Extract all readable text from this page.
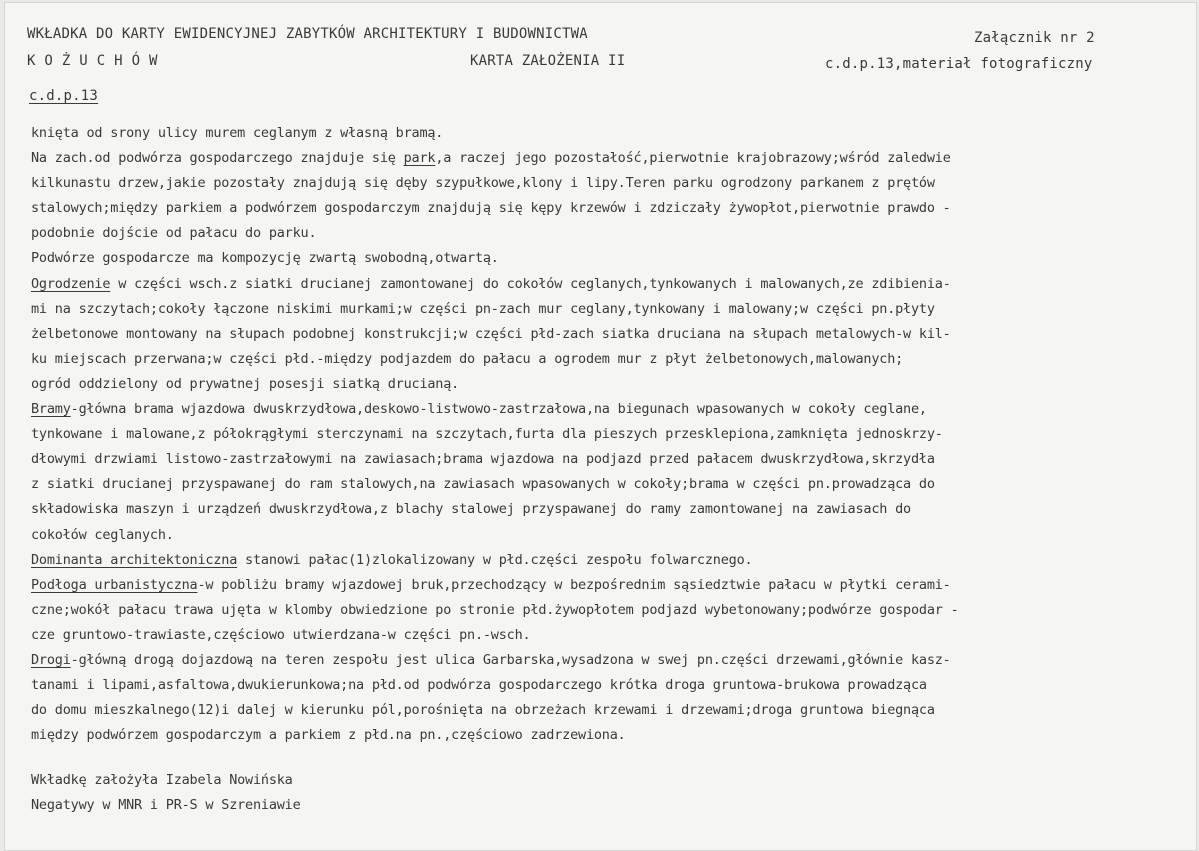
WKŁADKA DO KARTY EWIDENCYJNEJ ZABYTKÓW ARCHITEKTURY I BUDOWNICTWA	Załącznik nr 2
KOŻUCHÓW	KARTA ZAŁOŻENIA II	c.d.p.13,materiał fotograficzny
c.d.p.13
knięta od srony ulicy murem ceglanym z własną bramą.
Na zach.od podwórza gospodarczego znajduje się park,a raczej jego pozostałość,pierwotnie krajobrazowy;wśród zaledwie
kilkunastu drzew,jakie pozostały znajdują się dęby szypułkowe,klony i lipy.Teren parku ogrodzony parkanem z prętów
stalowych;między parkiem a podwórzem gospodarczym znajdują się kępy krzewów i zdziczały żywopłot,pierwotnie prawdo -
podobnie dojście od pałacu do parku.
Podwórze gospodarcze ma kompozycję zwartą swobodną,otwartą.
Ogrodzenie w części wsch.z siatki drucianej zamontowanej do cokołów ceglanych,tynkowanych i malowanych,ze zdibienia-
mi na szczytach;cokoły łączone niskimi murkami;w części pn-zach mur ceglany,tynkowany i malowany;w części pn.płyty
żelbetonowe montowany na słupach podobnej konstrukcji;w części płd-zach siatka druciana na słupach metalowych-w kil-
ku miejscach przerwana;w części płd.-między podjazdem do pałacu a ogrodem mur z płyt żelbetonowych,malowanych;
ogród oddzielony od prywatnej posesji siatką drucianą.
Bramy-główna brama wjazdowa dwuskrzydłowa,deskowo-listwowo-zastrzałowa,na biegunach wpasowanych w cokoły ceglane,
tynkowane i malowane,z półokrągłymi sterczynami na szczytach,furta dla pieszych przesklepiona,zamknięta jednoskrzy-
dłowymi drzwiami listowo-zastrzałowymi na zawiasach;brama wjazdowa na podjazd przed pałacem dwuskrzydłowa,skrzydła
z siatki drucianej przyspawanej do ram stalowych,na zawiasach wpasowanych w cokoły;brama w części pn.prowadząca do
składowiska maszyn i urządzeń dwuskrzydłowa,z blachy stalowej przyspawanej do ramy zamontowanej na zawiasach do
cokołów ceglanych.
Dominanta architektoniczna stanowi pałac(1)zlokalizowany w płd.części zespołu folwarcznego.
Podłoga urbanistyczna-w pobliżu bramy wjazdowej bruk,przechodzący w bezpośrednim sąsiedztwie pałacu w płytki cerami-
czne;wokół pałacu trawa ujęta w klomby obwiedzione po stronie płd.żywopłotem podjazd wybetonowany;podwórze gospodar -
cze gruntowo-trawiaste,częściowo utwierdzana-w części pn.-wsch.
Drogi-główną drogą dojazdową na teren zespołu jest ulica Garbarska,wysadzona w swej pn.części drzewami,głównie kasz-
tanami i lipami,asfaltowa,dwukierunkowa;na płd.od podwórza gospodarczego krótka droga gruntowa-brukowa prowadząca
do domu mieszkalnego(12)i dalej w kierunku pól,porośnięta na obrzeżach krzewami i drzewami;droga gruntowa biegnąca
między podwórzem gospodarczym a parkiem z płd.na pn.,częściowo zadrzewiona.
Wkładkę założyła Izabela Nowińska
Negatywy w MNR i PR-S w Szreniawie
